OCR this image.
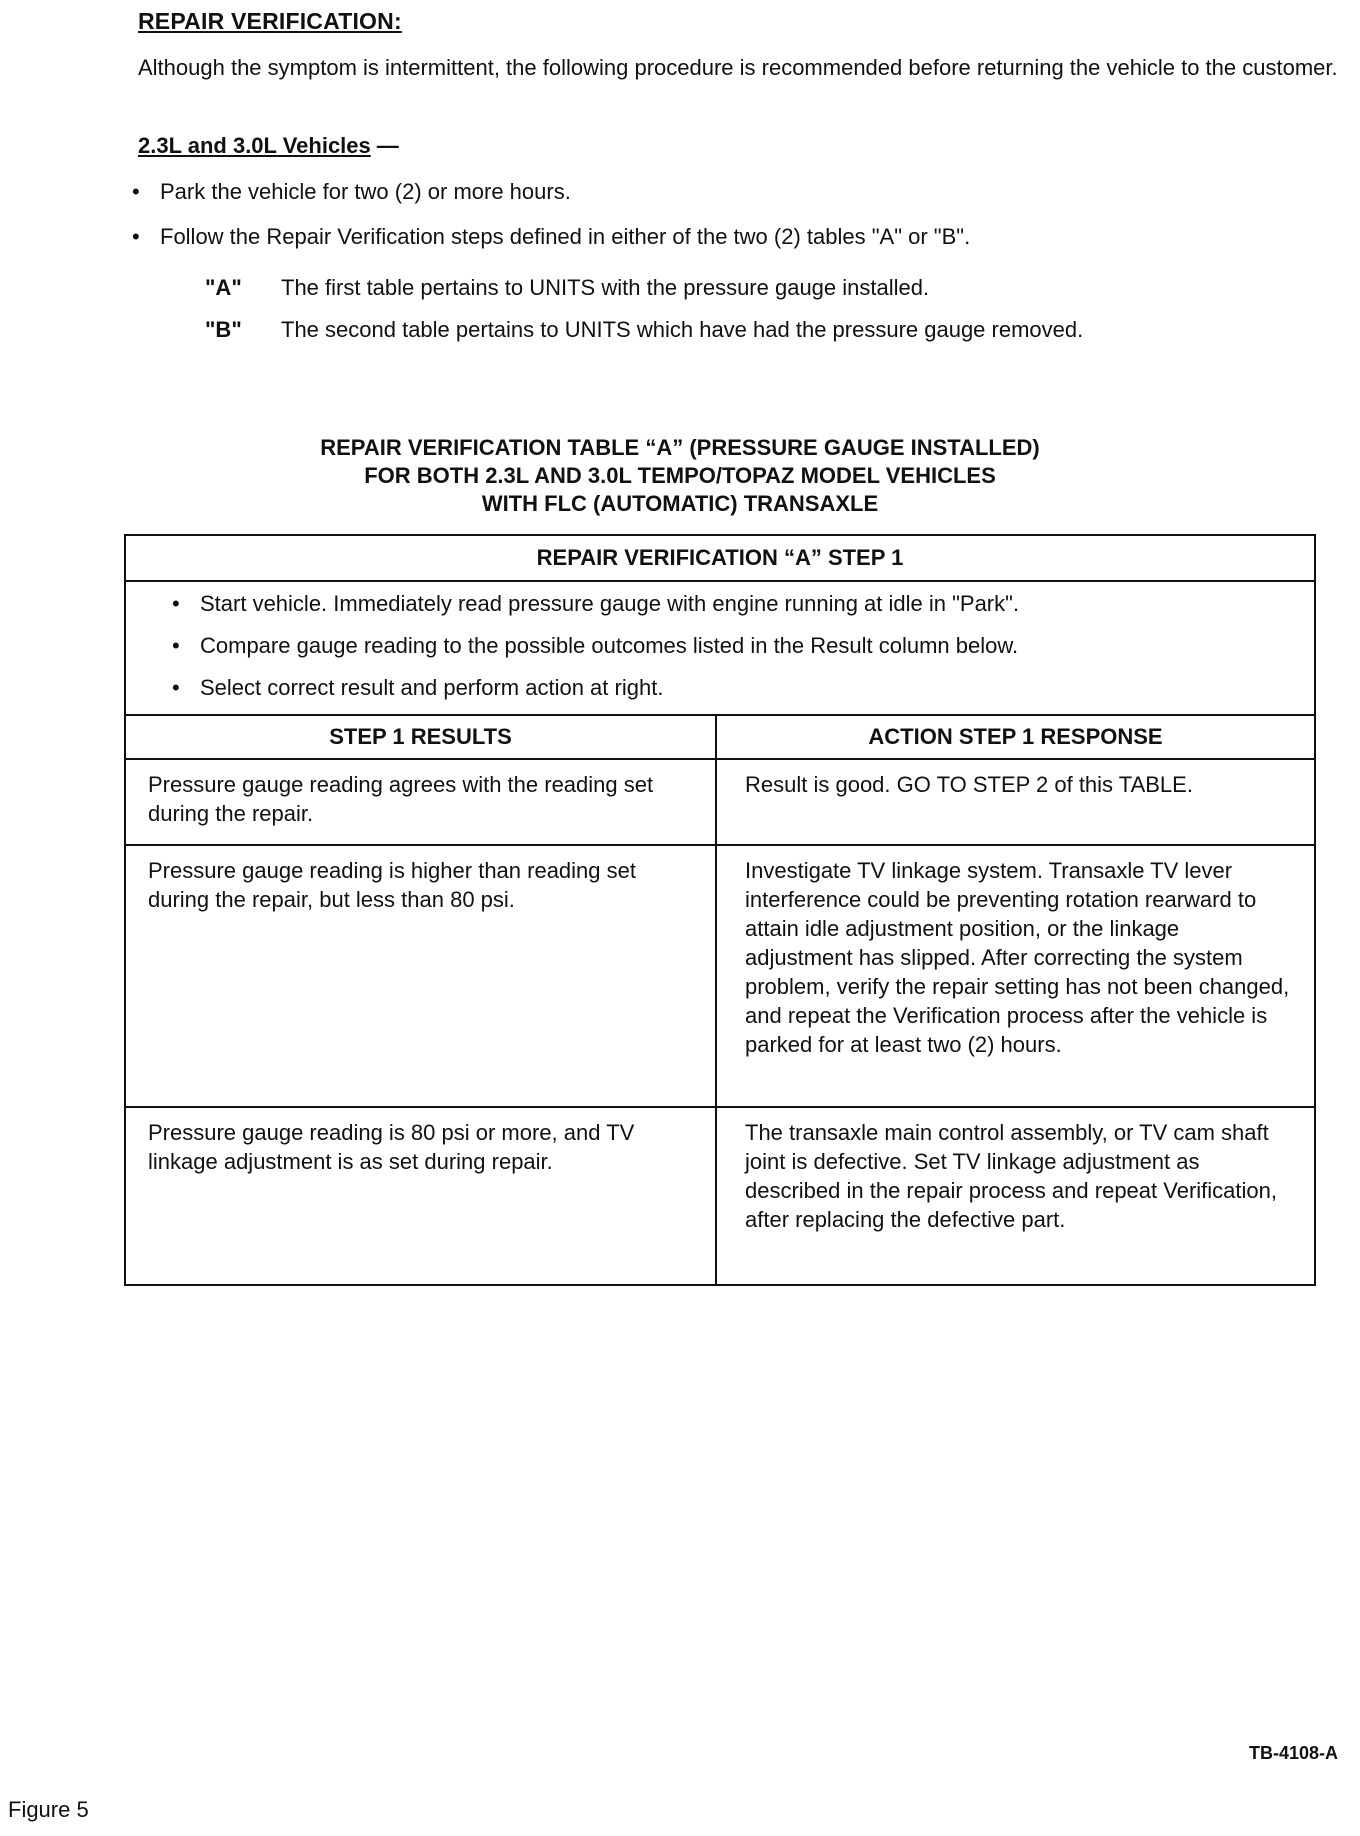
REPAIR VERIFICATION:
Although the symptom is intermittent, the following procedure is recommended before returning the vehicle to the customer.
2.3L and 3.0L Vehicles —
• Park the vehicle for two (2) or more hours.
• Follow the Repair Verification steps defined in either of the two (2) tables "A" or "B".
"A" The first table pertains to UNITS with the pressure gauge installed.
"B" The second table pertains to UNITS which have had the pressure gauge removed.
REPAIR VERIFICATION TABLE “A” (PRESSURE GAUGE INSTALLED)
FOR BOTH 2.3L AND 3.0L TEMPO/TOPAZ MODEL VEHICLES
WITH FLC (AUTOMATIC) TRANSAXLE
REPAIR VERIFICATION “A” STEP 1
• Start vehicle. Immediately read pressure gauge with engine running at idle in "Park".
• Compare gauge reading to the possible outcomes listed in the Result column below.
• Select correct result and perform action at right.
STEP 1 RESULTS	ACTION STEP 1 RESPONSE
Pressure gauge reading agrees with the reading set during the repair.
Result is good. GO TO STEP 2 of this TABLE.
Pressure gauge reading is higher than reading set during the repair, but less than 80 psi.
Investigate TV linkage system. Transaxle TV lever interference could be preventing rotation rearward to attain idle adjustment position, or the linkage adjustment has slipped. After correcting the system problem, verify the repair setting has not been changed, and repeat the Verification process after the vehicle is parked for at least two (2) hours.
Pressure gauge reading is 80 psi or more, and TV linkage adjustment is as set during repair.
The transaxle main control assembly, or TV cam shaft joint is defective. Set TV linkage adjustment as described in the repair process and repeat Verification, after replacing the defective part.
TB-4108-A
Figure 5
